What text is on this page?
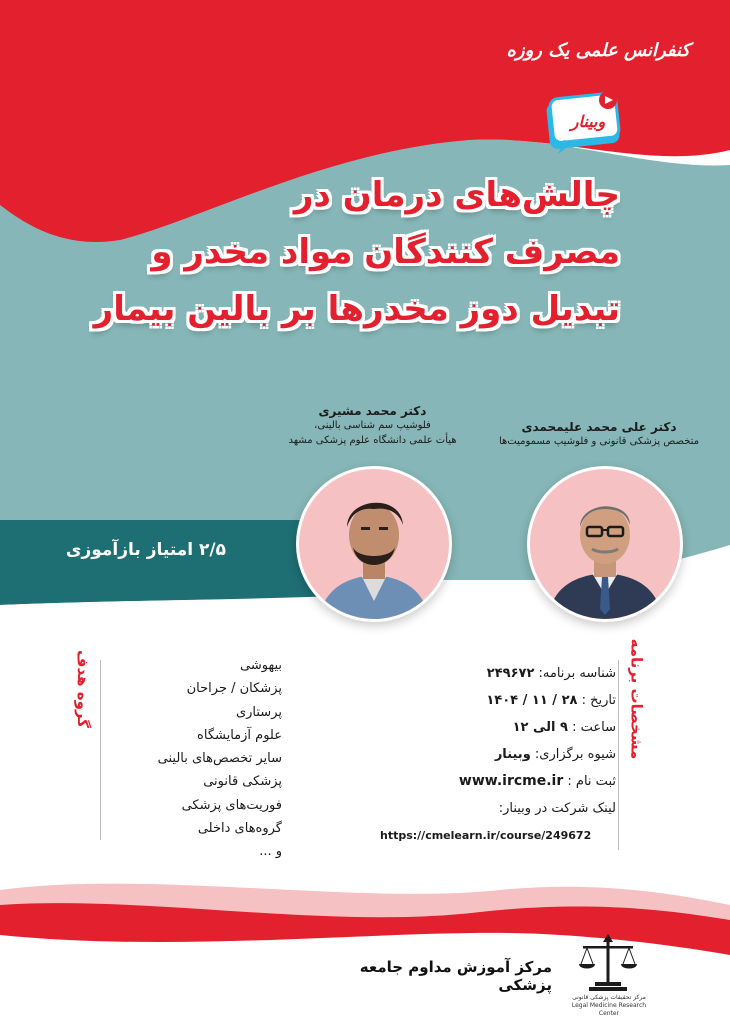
کنفرانس علمی یک روزه
وبینار
چالش‌های درمان در
مصرف کنندگان مواد مخدر و
تبدیل دوز مخدرها بر بالین بیمار
دکتر محمد مشیری
فلوشیپ سم شناسی بالینی،
هیأت علمی دانشگاه علوم پزشکی مشهد
دکتر علی محمد علیمحمدی
متخصص پزشکی قانونی و فلوشیپ مسمومیت‌ها
۲/۵ امتیاز بازآموزی
گروه هدف	بیهوشی
پزشکان / جراحان
پرستاری
علوم آزمایشگاه
سایر تخصص‌های بالینی
پزشکی قانونی
فوریت‌های پزشکی
گروه‌های داخلی
و ...
مشخصات برنامه
شناسه برنامه: ۲۴۹۶۷۲
تاریخ : ۲۸ / ۱۱ / ۱۴۰۴
ساعت : ۹ الی ۱۲
شیوه برگزاری: وبینار
ثبت نام : www.ircme.ir
لینک شرکت در وبینار:
https://cmelearn.ir/course/249672
مرکز تحقیقات پزشکی قانونی
Legal Medicine Research Center
مرکز آموزش مداوم جامعه پزشکی
